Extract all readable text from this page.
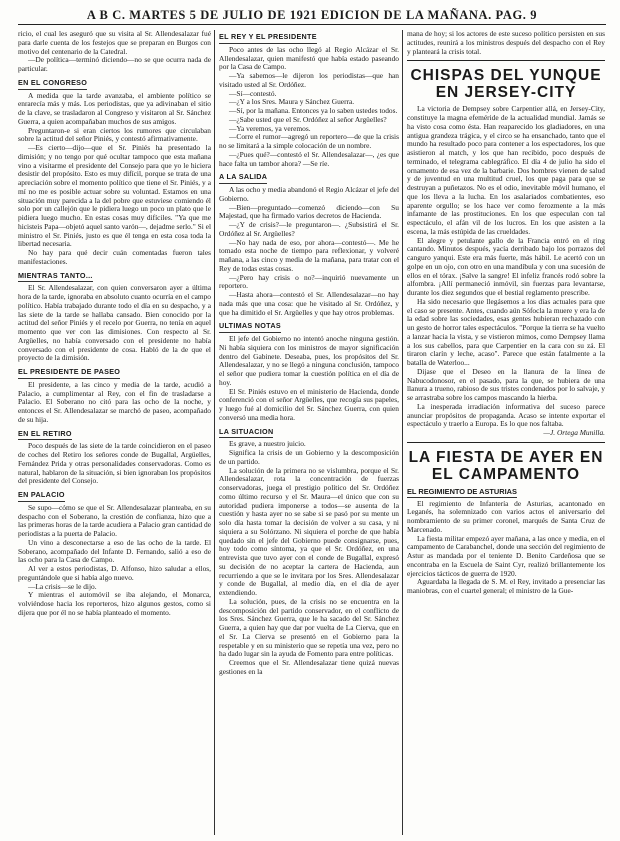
A B C. MARTES 5 DE JULIO DE 1921 EDICION DE LA MAÑANA. PAG. 9

ricio, el cual les aseguró que su visita al Sr. Allendesalazar fué para darle cuenta de los festejos que se preparan en Burgos con motivo del centenario de la Catedral.

—De política—terminó diciendo—no se que ocurra nada de particular.

EN EL CONGRESO

A medida que la tarde avanzaba, el ambiente político se enrarecía más y más. Los periodistas, que ya adivinaban el sitio de la clave, se trasladaron al Congreso y visitaron al Sr. Sánchez Guerra, a quien acompañaban muchos de sus amigos.

Preguntaron-e si eran ciertos los rumores que circulaban sobre la actitud del señor Piniés, y contestó afirmativamente.

—Es cierto—dijo—que el Sr. Piniés ha presentado la dimisión; y no tengo por qué ocultar tampoco que esta mañana vino a visitarme el presidente del Consejo para que yo le hiciera desistir del propósito. Esto es muy difícil, porque se trata de una apreciación sobre el momento político que tiene el Sr. Piniés, y a mí no me es posible actuar sobre su voluntad. Estamos en una situación muy parecida a la del pobre que estuviese comiendo él solo por un callejón que le pidiera luego un poco un plato que le pidiera luego mucho. En estas cosas muy difíciles. "Ya que me hicisteis Papa—objetó aquel santo varón—, dejadme serlo." Si el ministro el Sr. Piniés, justo es que él tenga en esta cosa toda la libertad necesaria.

No hay para qué decir cuán comentadas fueron tales manifestaciones.

MIENTRAS TANTO...

El Sr. Allendesalazar, con quien conversaron ayer a última hora de la tarde, ignoraba en absoluto cuanto ocurría en el campo político. Había trabajado durante todo el día en su despacho, y a las siete de la tarde se hallaba cansado. Bien conocido por la actitud del señor Piniés y el recelo por Guerra, no tenía en aquel momento que ver con las dimisiones. Con respecto al Sr. Argüelles, no había conversado con el presidente no había conversado con el presidente de cosa. Habló de la de que el proyecto de la dimisión.

EL PRESIDENTE DE PASEO

El presidente, a las cinco y media de la tarde, acudió a Palacio, a cumplimentar al Rey, con el fin de trasladarse a Palacio. El Soberano no citó para las ocho de la noche, y entonces el Sr. Allendesalazar se marchó de paseo, acompañado de su hija.

EN EL RETIRO

Poco después de las siete de la tarde coincidieron en el paseo de coches del Retiro los señores conde de Bugallal, Argüelles, Fernández Prida y otras personalidades conservadoras. Como es natural, hablaron de la situación, si bien ignoraban los propósitos del presidente del Consejo.

EN PALACIO

Se supo—cómo se que el Sr. Allendesalazar planteaba, en su despacho con el Soberano, la crestión de confianza, hizo que a las primeras horas de la tarde acudiera a Palacio gran cantidad de periodistas a la puerta de Palacio.

Un vino a desconectarse a eso de las ocho de la tarde. El Soberano, acompañado del Infante D. Fernando, salió a eso de las ocho para la Casa de Campo.

Al ver a estos periodistas, D. Alfonso, hizo saludar a ellos, preguntándole que si había algo nuevo.

—La crisis—se le dijo.

Y mientras el automóvil se iba alejando, el Monarca, volviéndose hacia los reporteros, hizo algunos gestos, como si dijera que por él no se había planteado el momento.

EL REY Y EL PRESIDENTE

Poco antes de las ocho llegó al Regio Alcázar el Sr. Allendesalazar, quien manifestó que había estado paseando por la Casa de Campo.

—Ya sabemos—le dijeron los periodistas—que han visitado usted al Sr. Ordóñez.

—Sí—contestó.

—¿Y a los Sres. Maura y Sánchez Guerra.

—Sí, por la mañana. Entonces ya lo saben ustedes todos.

—¿Sabe usted que el Sr. Ordóñez al señor Argüelles?

—Ya veremos, ya veremos.

—Corre el rumor—agregó un reportero—de que la crisis no se limitará a la simple colocación de un nombre.

—¿Pues qué?—contestó el Sr. Allendesalazar—, ¿es que hace falta un tambor ahora? —Se ríe.

A LA SALIDA

A las ocho y media abandonó el Regio Alcázar el jefe del Gobierno.

—Bien—preguntado—comenzó diciendo—con Su Majestad, que ha firmado varios decretos de Hacienda.

—¿Y de crisis?—le preguntaron—. ¿Subsistirá el Sr. Ordóñez al Sr. Argüelles?

—No hay nada de eso, por ahora—contestó—. Me he tomado esta noche de tiempo para reflexionar, y volveré mañana, a las cinco y media de la mañana, para tratar con el Rey de todas estas cosas.

—¿Pero hay crisis o no?—inquirió nuevamente un reportero.

—Hasta ahora—contestó el Sr. Allendesalazar—no hay nada más que una cosa: que he visitado al Sr. Ordóñez, y que ha dimitido el Sr. Argüelles y que hay otros problemas.

ULTIMAS NOTAS

El jefe del Gobierno no intentó anoche ninguna gestión. Ni había siquiera con los ministros de mayor significación dentro del Gabinete. Deseaba, pues, los propósitos del Sr. Allendesalazar, y no se llegó a ninguna conclusión, tampoco el señor que pudiera tomar la cuestión política en el día de hoy.

El Sr. Piniés estuvo en el ministerio de Hacienda, donde conferenció con el señor Argüelles, que recogía sus papeles, y luego fué al domicilio del Sr. Sánchez Guerra, con quien conversó una media hora.

LA SITUACION

Es grave, a nuestro juicio.

Significa la crisis de un Gobierno y la descomposición de un partido.

La solución de la primera no se vislumbra, porque el Sr. Allendesalazar, rota la concentración de fuerzas conservadoras, juega el prestigio político del Sr. Ordóñez como último recurso y el Sr. Maura—el único que con su autoridad pudiera imponerse a todos—se ausenta de la cuestión y hasta ayer no se sabe si se pasó por su mente un solo día hasta tomar la decisión de volver a su casa, y ni siquiera a su Solórzano. Ni siquiera el porche de que había quedado sin el jefe del Gobierno puede consignarse, pues, hoy todo como síntoma, ya que el Sr. Ordóñez, en una entrevista que tuvo ayer con el conde de Bugallal, expresó su decisión de no aceptar la cartera de Hacienda, aun recurriendo a que se le invitara por los Sres. Allendesalazar y conde de Bugallal, al medio día, en el día de ayer extendiendo.

La solución, pues, de la crisis no se encuentra en la descomposición del partido conservador, en el conflicto de los Sres. Sánchez Guerra, que le ha sacado del Sr. Sánchez Guerra, a quien hay que dar por vuelta de La Cierva, que en el Sr. La Cierva se presentó en el Gobierno para la respetable y en su ministerio que se repetía una vez, pero no ha dado lugar sin la ayuda de Fomento para entre políticas.

Creemos que el Sr. Allendesalazar tiene quizá nuevas gestiones en la

mana de hoy; si los actores de este suceso político persisten en sus actitudes, reunirá a los ministros después del despacho con el Rey y planteará la crisis total.

CHISPAS DEL YUNQUE EN JERSEY-CITY

La victoria de Dempsey sobre Carpentier allá, en Jersey-City, constituye la magna efeméride de la actualidad mundial. Jamás se ha visto cosa como ésta. Han reaparecido los gladiadores, en una antigua grandeza trágica, y el circo se ha ensanchado, tanto que el mundo ha resultado poco para contener a los espectadores, los que asistieron al match, y los que han recibido, poco después de terminado, el telegrama cablegráfico. El día 4 de julio ha sido el ornamento de esa vez de la barbarie. Dos hombres vienen de salud y de juventud en una multitud cruel, los que paga para que se destruyan a puñetazos. No es el odio, inevitable móvil humano, el que los lleva a la lucha. En los asalariados combatientes, eso aparente orgullo; se los hace ver como ferozmente a la más infamante de las prostituciones. En los que especulan con tal espectáculo, el afán vil de los lucros. En los que asisten a la escena, la más estúpida de las crueldades.

El alegre y petulante gallo de la Francia entró en el ring cantando. Minutos después, yacía derribado bajo los porrazos del canguro yanqui. Este era más fuerte, más hábil. Le acertó con un golpe en un ojo, con otro en una mandíbula y con una sucesión de ellos en el tórax. ¡Salve la sangre! El infeliz francés rodó sobre la alfombra. ¡Allí permaneció inmóvil, sin fuerzas para levantarse, durante los diez segundos que el bestial reglamento prescribe.

Ha sido necesario que llegásemos a los días actuales para que el caso se presente. Antes, cuando aún Sófocla la muere y era la de la edad sobre las sociedades, esas gentes hubieran rechazado con un gesto de horror tales espectáculos. "Porque la tierra se ha vuelto a lanzar hacia la vista, y se vistieron mimos, como Dempsey llama a los sus cabellos, para que Carpentier en la cara con su zá. El tiraron clarín y leche, acaso". Parece que están fatalmente a la batalla de Waterloo...

Dijase que el Deseo en la llanura de la línea de Nabucodonosor, en el pasado, para la que, se hubiera de una llanura a trueno, rabioso de sus tristes condenados por lo salvaje, y se arrastraba sobre los campos mascando la hierba.

La inesperada irradiación informativa del suceso parece anunciar propósitos de propaganda. Acaso se intente exportar el espectáculo y traerlo a Europa. Es lo que nos faltaba.

—J. Ortega Munilla.
LA FIESTA DE AYER EN EL CAMPAMENTO
EL REGIMIENTO DE ASTURIAS

El regimiento de Infantería de Asturias, acantonado en Leganés, ha solemnizado con varios actos el aniversario del nombramiento de su primer coronel, marqués de Santa Cruz de Marcenado.

La fiesta militar empezó ayer mañana, a las once y media, en el campamento de Carabanchel, donde una sección del regimiento de Astur as mandada por el teniente D. Benito Cardeñosa que se encontraba en la Escuela de Saint Cyr, realizó brillantemente los ejercicios tácticos de guerra de 1920.

Aguardaba la llegada de S. M. el Rey, invitado a presenciar las maniobras, con el cuartel general; el ministro de la Gue-
